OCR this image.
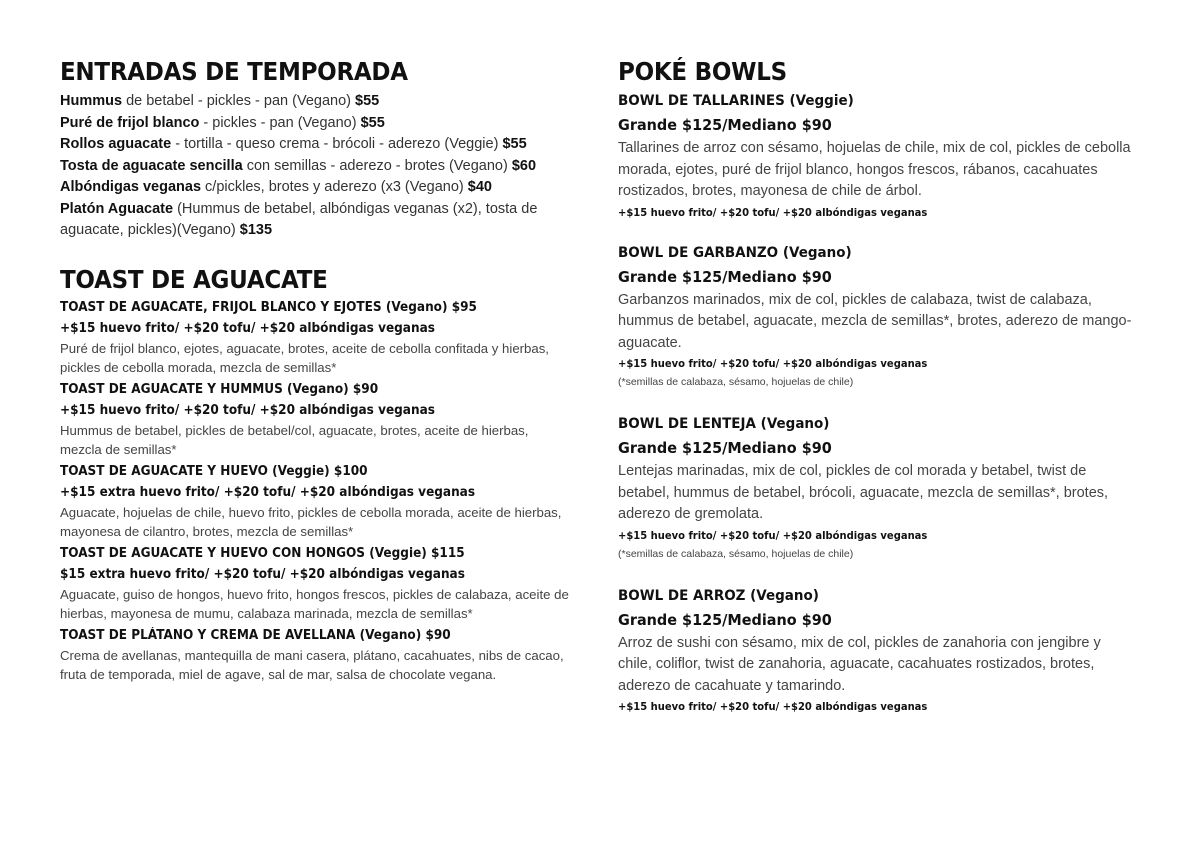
ENTRADAS DE TEMPORADA
Hummus de betabel - pickles - pan (Vegano) $55
Puré de frijol blanco - pickles - pan (Vegano) $55
Rollos aguacate - tortilla - queso crema - brócoli - aderezo (Veggie) $55
Tosta de aguacate sencilla con semillas - aderezo - brotes (Vegano) $60
Albóndigas veganas c/pickles, brotes y aderezo (x3 (Vegano) $40
Platón Aguacate (Hummus de betabel, albóndigas veganas (x2), tosta de aguacate, pickles)(Vegano) $135
TOAST DE AGUACATE
TOAST DE AGUACATE, FRIJOL BLANCO Y EJOTES (Vegano) $95
+$15 huevo frito/ +$20 tofu/ +$20 albóndigas veganas
Puré de frijol blanco, ejotes, aguacate, brotes, aceite de cebolla confitada y hierbas, pickles de cebolla morada, mezcla de semillas*
TOAST DE AGUACATE Y HUMMUS (Vegano) $90
+$15 huevo frito/ +$20 tofu/ +$20 albóndigas veganas
Hummus de betabel, pickles de betabel/col, aguacate, brotes, aceite de hierbas, mezcla de semillas*
TOAST DE AGUACATE Y HUEVO (Veggie) $100
+$15 extra huevo frito/ +$20 tofu/ +$20 albóndigas veganas
Aguacate, hojuelas de chile, huevo frito, pickles de cebolla morada, aceite de hierbas, mayonesa de cilantro, brotes, mezcla de semillas*
TOAST DE AGUACATE Y HUEVO CON HONGOS (Veggie) $115
$15 extra huevo frito/ +$20 tofu/ +$20 albóndigas veganas
Aguacate, guiso de hongos, huevo frito, hongos frescos, pickles de calabaza, aceite de hierbas, mayonesa de mumu, calabaza marinada, mezcla de semillas*
TOAST DE PLÁTANO Y CREMA DE AVELLANA (Vegano) $90
Crema de avellanas, mantequilla de mani casera, plátano, cacahuates, nibs de cacao, fruta de temporada, miel de agave, sal de mar, salsa de chocolate vegana.
POKÉ BOWLS
BOWL DE TALLARINES (Veggie)
Grande $125/Mediano $90
Tallarines de arroz con sésamo, hojuelas de chile, mix de col, pickles de cebolla morada, ejotes, puré de frijol blanco, hongos frescos, rábanos, cacahuates rostizados, brotes, mayonesa de chile de árbol.
+$15 huevo frito/ +$20 tofu/ +$20 albóndigas veganas
BOWL DE GARBANZO (Vegano)
Grande $125/Mediano $90
Garbanzos marinados, mix de col, pickles de calabaza, twist de calabaza, hummus de betabel, aguacate, mezcla de semillas*, brotes, aderezo de mango-aguacate.
+$15 huevo frito/ +$20 tofu/ +$20 albóndigas veganas
(*semillas de calabaza, sésamo, hojuelas de chile)
BOWL DE LENTEJA (Vegano)
Grande $125/Mediano $90
Lentejas marinadas, mix de col, pickles de col morada y betabel, twist de betabel, hummus de betabel, brócoli, aguacate, mezcla de semillas*, brotes, aderezo de gremolata.
+$15 huevo frito/ +$20 tofu/ +$20 albóndigas veganas
(*semillas de calabaza, sésamo, hojuelas de chile)
BOWL DE ARROZ (Vegano)
Grande $125/Mediano $90
Arroz de sushi con sésamo, mix de col, pickles de zanahoria con jengibre y chile, coliflor, twist de zanahoria, aguacate, cacahuates rostizados, brotes, aderezo de cacahuate y tamarindo.
+$15 huevo frito/ +$20 tofu/ +$20 albóndigas veganas
